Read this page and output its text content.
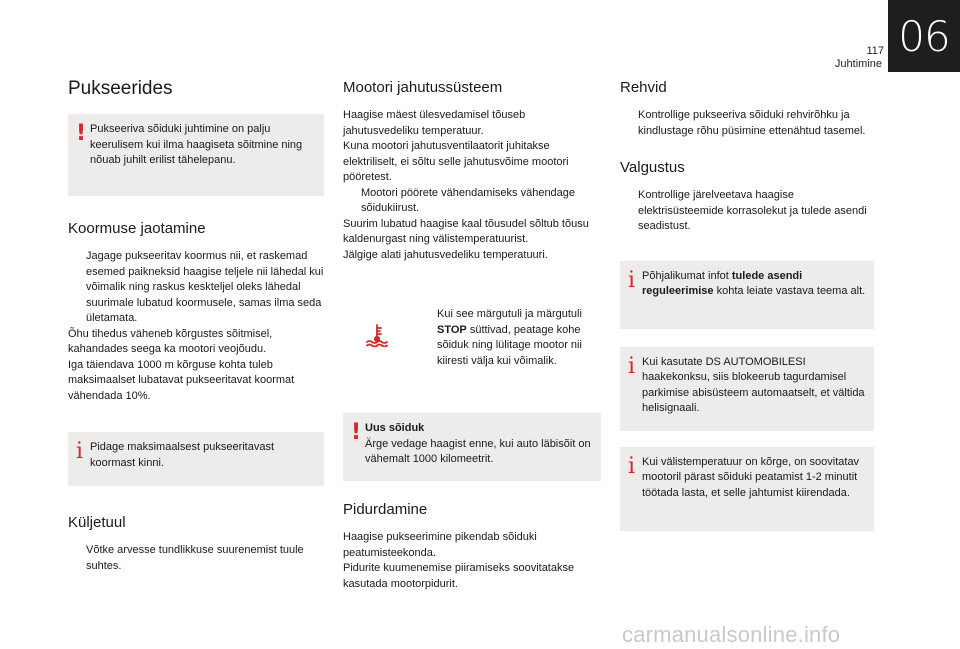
117
Juhtimine
06
Pukseerides
! Pukseeriva sõiduki juhtimine on palju keerulisem kui ilma haagiseta sõitmine ning nõuab juhilt erilist tähelepanu.

Koormuse jaotamine

Jagage pukseeritav koormus nii, et raskemad esemed paikneksid haagise teljele nii lähedal kui võimalik ning raskus keskteljel oleks lähedal suurimale lubatud koormusele, samas ilma seda ületamata.

Õhu tihedus väheneb kõrgustes sõitmisel, kahandades seega ka mootori veojõudu.

Iga täiendava 1000 m kõrguse kohta tuleb maksimaalset lubatavat pukseeritavat koormat vähendada 10%.

i Pidage maksimaalsest pukseeritavast koormast kinni.

Küljetuul

Võtke arvesse tundlikkuse suurenemist tuule suhtes.

Mootori jahutussüsteem

Haagise mäest ülesvedamisel tõuseb jahutusvedeliku temperatuur.

Kuna mootori jahutusventilaatorit juhitakse elektriliselt, ei sõltu selle jahutusvõime mootori pööretest.

Mootori pöörete vähendamiseks vähendage sõidukiirust.

Suurim lubatud haagise kaal tõusudel sõltub tõusu kaldenurgast ning välistemperatuurist.

Jälgige alati jahutusvedeliku temperatuuri.

Kui see märgutuli ja märgutuli STOP süttivad, peatage kohe sõiduk ning lülitage mootor nii kiiresti välja kui võimalik.

! Uus sõiduk

Ärge vedage haagist enne, kui auto läbisõit on vähemalt 1000 kilomeetrit.

Pidurdamine

Haagise pukseerimine pikendab sõiduki peatumisteekonda.

Pidurite kuumenemise piiramiseks soovitatakse kasutada mootorpidurit.

Rehvid

Kontrollige pukseeriva sõiduki rehvirõhku ja kindlustage rõhu püsimine ettenähtud tasemel.

Valgustus

Kontrollige järelveetava haagise elektrisüsteemide korrasolekut ja tulede asendi seadistust.

i Põhjalikumat infot tulede asendi reguleerimise kohta leiate vastava teema alt.

i Kui kasutate DS AUTOMOBILESI haakekonksu, siis blokeerub tagurdamisel parkimise abisüsteem automaatselt, et vältida helisignaali.

i Kui välistemperatuur on kõrge, on soovitatav mootoril pärast sõiduki peatamist 1-2 minutit töötada lasta, et selle jahtumist kiirendada.

carmanualsonline.info
